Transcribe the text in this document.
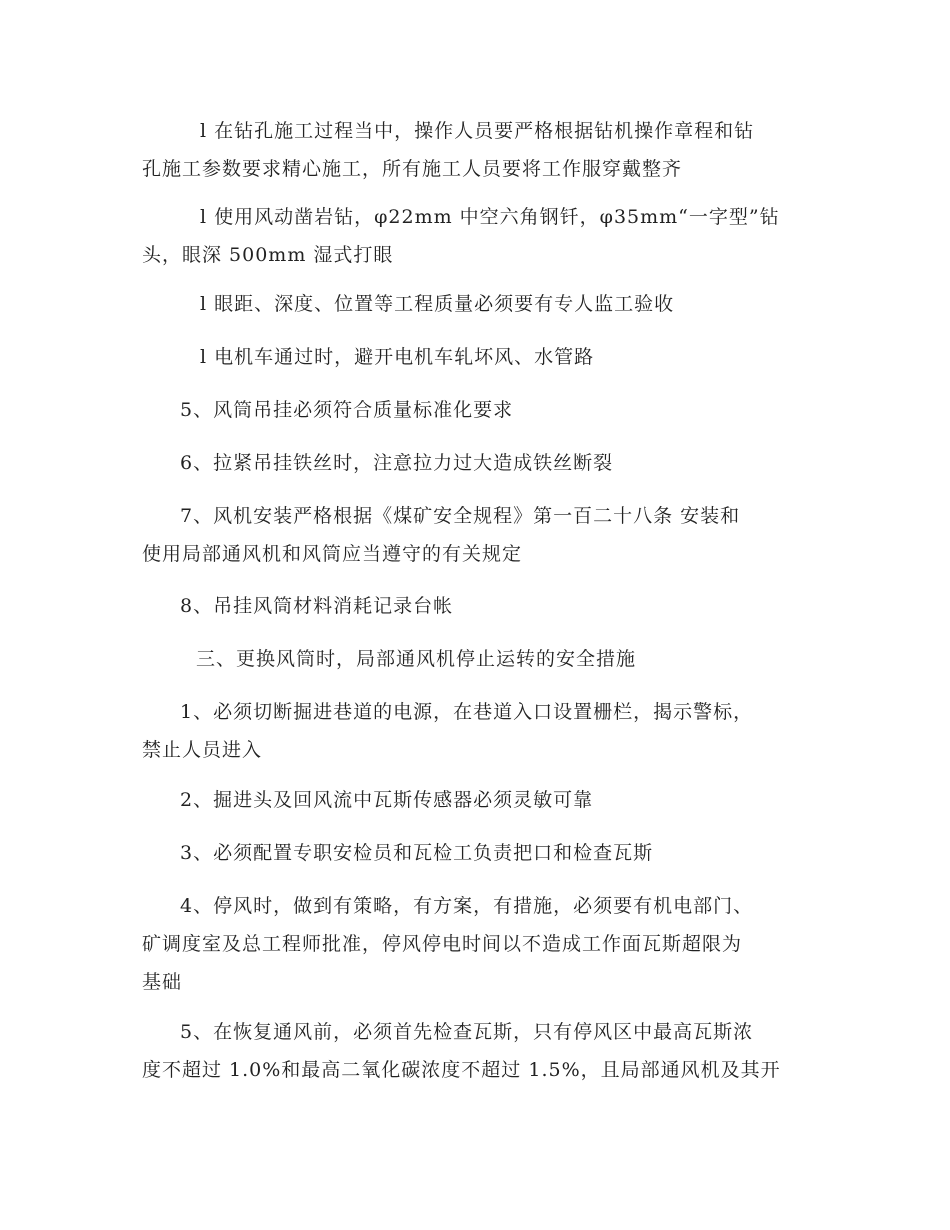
l 在钻孔施工过程当中，操作人员要严格根据钻机操作章程和钻
孔施工参数要求精心施工，所有施工人员要将工作服穿戴整齐
l 使用风动凿岩钻，φ22mm 中空六角钢钎，φ35mm“一字型”钻
头，眼深 500mm 湿式打眼
l 眼距、深度、位置等工程质量必须要有专人监工验收
l 电机车通过时，避开电机车轧坏风、水管路
5、风筒吊挂必须符合质量标准化要求
6、拉紧吊挂铁丝时，注意拉力过大造成铁丝断裂
7、风机安装严格根据《煤矿安全规程》第一百二十八条 安装和
使用局部通风机和风筒应当遵守的有关规定
8、吊挂风筒材料消耗记录台帐
三、更换风筒时，局部通风机停止运转的安全措施
1、必须切断掘进巷道的电源，在巷道入口设置栅栏，揭示警标，
禁止人员进入
2、掘进头及回风流中瓦斯传感器必须灵敏可靠
3、必须配置专职安检员和瓦检工负责把口和检查瓦斯
4、停风时，做到有策略，有方案，有措施，必须要有机电部门、
矿调度室及总工程师批准，停风停电时间以不造成工作面瓦斯超限为
基础
5、在恢复通风前，必须首先检查瓦斯，只有停风区中最高瓦斯浓
度不超过 1.0%和最高二氧化碳浓度不超过 1.5%，且局部通风机及其开
